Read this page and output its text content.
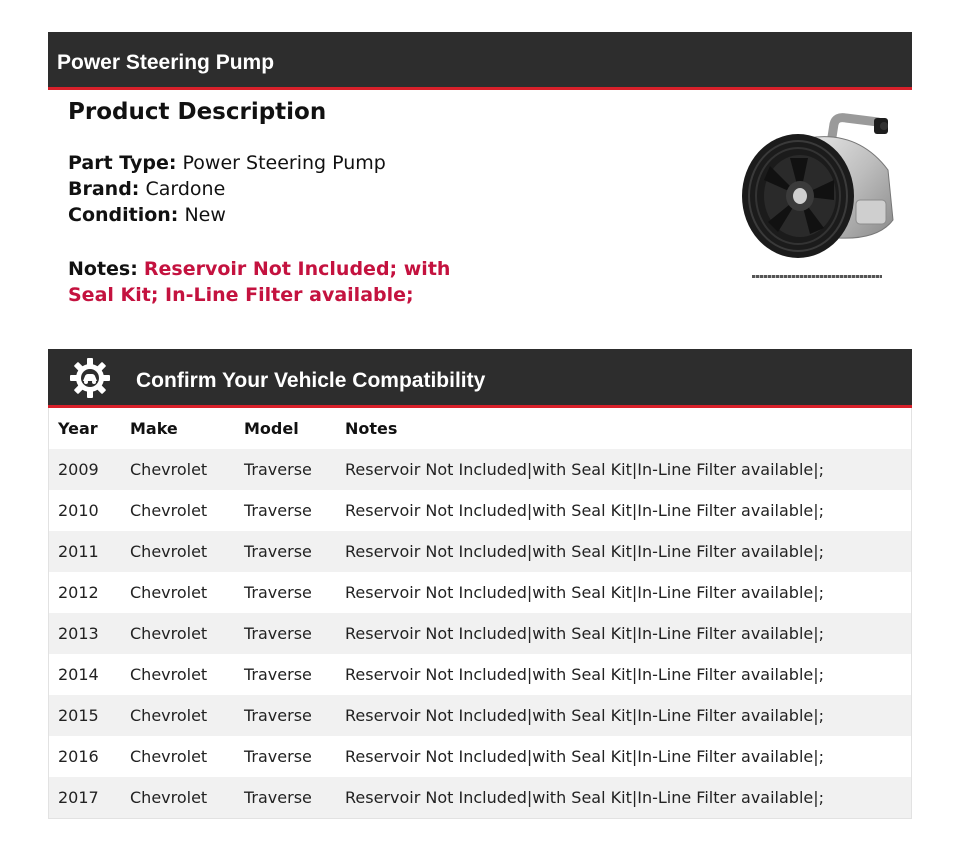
Power Steering Pump
Product Description
Part Type: Power Steering Pump
Brand: Cardone
Condition: New
Notes: Reservoir Not Included; with Seal Kit; In-Line Filter available;
Confirm Your Vehicle Compatibility
Year	Make	Model	Notes
2009	Chevrolet	Traverse	Reservoir Not Included|with Seal Kit|In-Line Filter available|;
2010	Chevrolet	Traverse	Reservoir Not Included|with Seal Kit|In-Line Filter available|;
2011	Chevrolet	Traverse	Reservoir Not Included|with Seal Kit|In-Line Filter available|;
2012	Chevrolet	Traverse	Reservoir Not Included|with Seal Kit|In-Line Filter available|;
2013	Chevrolet	Traverse	Reservoir Not Included|with Seal Kit|In-Line Filter available|;
2014	Chevrolet	Traverse	Reservoir Not Included|with Seal Kit|In-Line Filter available|;
2015	Chevrolet	Traverse	Reservoir Not Included|with Seal Kit|In-Line Filter available|;
2016	Chevrolet	Traverse	Reservoir Not Included|with Seal Kit|In-Line Filter available|;
2017	Chevrolet	Traverse	Reservoir Not Included|with Seal Kit|In-Line Filter available|;
